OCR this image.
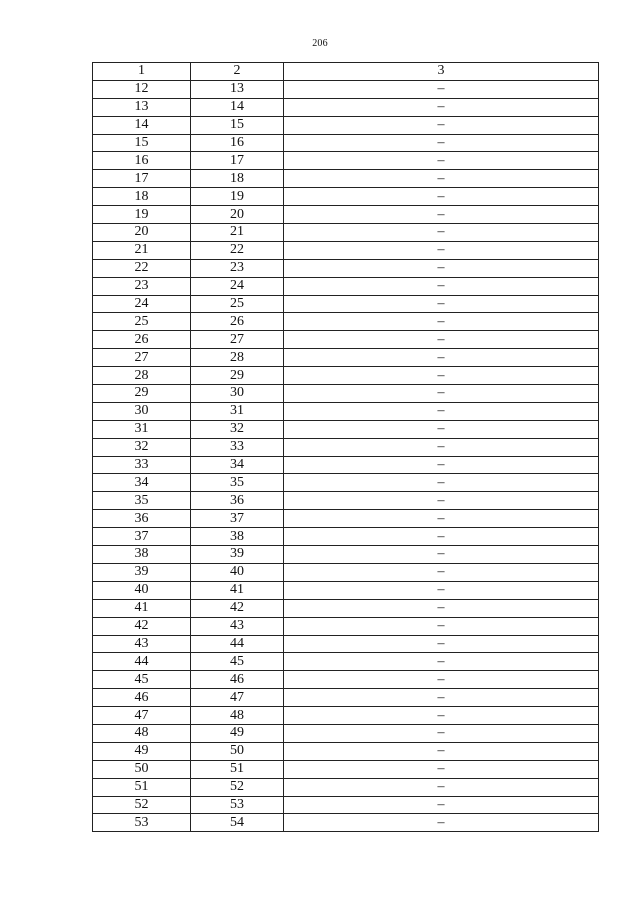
206
1	2	3
12	13	–
13	14	–
14	15	–
15	16	–
16	17	–
17	18	–
18	19	–
19	20	–
20	21	–
21	22	–
22	23	–
23	24	–
24	25	–
25	26	–
26	27	–
27	28	–
28	29	–
29	30	–
30	31	–
31	32	–
32	33	–
33	34	–
34	35	–
35	36	–
36	37	–
37	38	–
38	39	–
39	40	–
40	41	–
41	42	–
42	43	–
43	44	–
44	45	–
45	46	–
46	47	–
47	48	–
48	49	–
49	50	–
50	51	–
51	52	–
52	53	–
53	54	–
